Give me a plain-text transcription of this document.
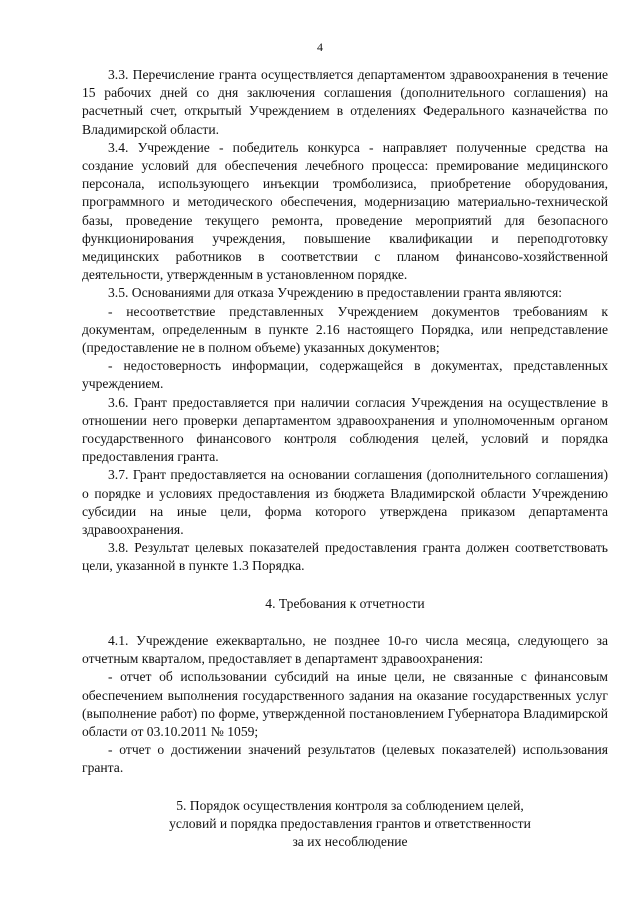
4

3.3. Перечисление гранта осуществляется департаментом здравоохранения в течение 15 рабочих дней со дня заключения соглашения (дополнительного соглашения) на расчетный счет, открытый Учреждением в отделениях Федерального казначейства по Владимирской области.

3.4. Учреждение - победитель конкурса - направляет полученные средства на создание условий для обеспечения лечебного процесса: премирование медицинского персонала, использующего инъекции тромболизиса, приобретение оборудования, программного и методического обеспечения, модернизацию материально-технической базы, проведение текущего ремонта, проведение мероприятий для безопасного функционирования учреждения, повышение квалификации и переподготовку медицинских работников в соответствии с планом финансово-хозяйственной деятельности, утвержденным в установленном порядке.

3.5. Основаниями для отказа Учреждению в предоставлении гранта являются:

- несоответствие представленных Учреждением документов требованиям к документам, определенным в пункте 2.16 настоящего Порядка, или непредставление (предоставление не в полном объеме) указанных документов;

- недостоверность информации, содержащейся в документах, представленных учреждением.

3.6. Грант предоставляется при наличии согласия Учреждения на осуществление в отношении него проверки департаментом здравоохранения и уполномоченным органом государственного финансового контроля соблюдения целей, условий и порядка предоставления гранта.

3.7. Грант предоставляется на основании соглашения (дополнительного соглашения) о порядке и условиях предоставления из бюджета Владимирской области Учреждению субсидии на иные цели, форма которого утверждена приказом департамента здравоохранения.

3.8. Результат целевых показателей предоставления гранта должен соответствовать цели, указанной в пункте 1.3 Порядка.

4. Требования к отчетности

4.1. Учреждение ежеквартально, не позднее 10-го числа месяца, следующего за отчетным кварталом, предоставляет в департамент здравоохранения:

- отчет об использовании субсидий на иные цели, не связанные с финансовым обеспечением выполнения государственного задания на оказание государственных услуг (выполнение работ) по форме, утвержденной постановлением Губернатора Владимирской области от 03.10.2011 № 1059;

- отчет о достижении значений результатов (целевых показателей) использования гранта.

5. Порядок осуществления контроля за соблюдением целей,
условий и порядка предоставления грантов и ответственности
за их несоблюдение
